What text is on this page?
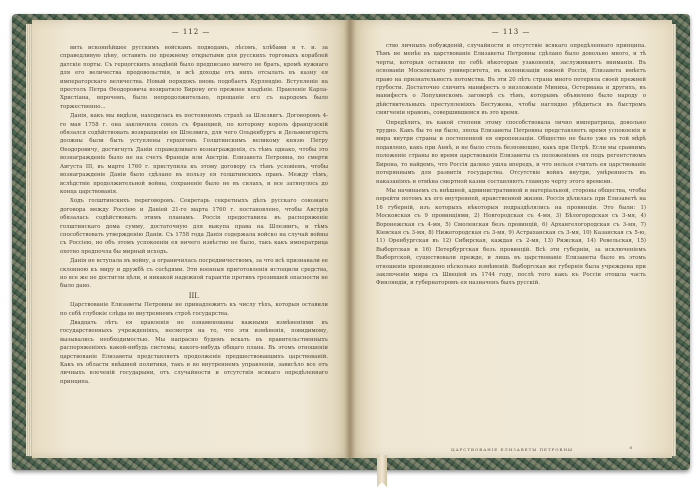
— 112 —

вить исконнѣйшее русскимъ войскамъ подводамъ, лѣсомъ, хлѣбами и т. и. за справедливую цѣну, оставить по прежнему открытыми для русскихъ торговыхъ кораблей датскіе порты. Съ герцогскихъ владѣній было предписано ничего не брать, кромѣ нужнаго для его величества продовольствія, и всѣ доходы отъ нихъ отсылать въ казну ея императорскаго величества. Новый порядокъ вновь подобаетъ Курляндію. Вступленіе на престолъ Петра Ѳеодоровича возвратило Бирону его прежнее владѣніе. Правленіе Карла-Христіана, впрочемъ, было непродолжительно, прощаніе его съ народомъ было торжественно...

Данія, какъ мы видѣли, находилась въ постоянномъ страхѣ за Шлезвигъ. Договоромъ 4-го мая 1758 г. она заключила союзъ съ Францией, по которому король французскій обязался содѣйствовать возвращенію ея Шлезвига, для чего Ольденбургъ и Дельменгорстъ должны были быть уступлены герцогомъ Голштинскимъ великому князю Петру Ѳеодоровичу, достигнуть Даніи справедливаго вознагражденія, съ тѣмъ однако, чтобы это вознагражденіе было не на счетъ Франціи или Австріи. Елизавета Петровна, по смерти Августа III, въ марте 1760 г. приступила къ этому договору съ тѣмъ условіемъ, чтобы вознагражденіе Даніи было сдѣлано въ пользу ея голштинскихъ правъ. Между тѣмъ, вслѣдствіе продолжительной войны, сохраненіе было не въ силахъ, и все затянулось до конца царствованія.

Ходъ голштинскихъ переговоровъ. Секретарь секретныхъ дѣлъ русскаго союзнаго договора между Россіею и Даніей 21-го марта 1760 г. постановлено, чтобы Австрія обязалась содѣйствовать этимъ планамъ. Россія предоставила въ распоряженіе голштинскаго дома сумму, достаточную для выкупа права на Шлезвигъ, и тѣмъ способствовать утвержденію Даніи. Съ 1758 года Данія содержала войско на случай войны съ Россіею, но объ этомъ успокоеніи ея ничего извѣстно не было, такъ какъ императрица охотно предпочла бы мирный исходъ.

Данія не вступала въ войну, а ограничилась посредничествомъ, за что всѣ признавали ее склонною къ миру и дружбѣ съ сосѣдями. Эти военныя приготовленія истощили средства, но все же не достигли цѣли, и никакой надежной гарантіи противъ грозившей опасности не было дано.

III.

Царствованіе Елизаветы Петровны не принадлежитъ къ числу тѣхъ, которыя оставили по себѣ глубокіе слѣды во внутреннемъ строѣ государства.

Двадцать лѣтъ ея правленія не ознаменованы важными измѣненіями въ государственныхъ учрежденіяхъ, несмотря на то, что эти измѣненія, повидимому, вызывались необходимостью. Мы напрасно будемъ искать въ правительственныхъ распоряженіяхъ какой-нибудь системы, какого-нибудь общаго плана. Въ этомъ отношеніи царствованіе Елизаветы представляетъ продолженіе предшествовавшихъ царствованій. Какъ въ области внѣшней политики, такъ и во внутреннемъ управленіи, зависѣло все отъ личныхъ влеченій государыни, отъ случайности и отсутствія всякаго опредѣленнаго принципа.

— 113 —

ство личныхъ побужденій, случайности и отсутствіе всякаго опредѣленнаго принципа. Тѣмъ не менѣе въ царствованіе Елизаветы Петровны сдѣлано было довольно много, и тѣ черты, которыя оставили по себѣ нѣкоторыя узаконенія, заслуживаютъ вниманія. Въ основаніи Московскаго университета, въ колонизаціи южной Россіи, Елизавета имѣетъ право на признательность потомства. Въ эти 20 лѣтъ страна много потеряла своей прежней грубости. Достаточно сличить манифестъ о низложеніи Миниха, Остермана и другихъ, въ манифестъ о Лопухинскомъ заговорѣ съ тѣмъ, которымъ объявлено было народу о дѣйствительныхъ преступленіяхъ Бестужева, чтобы наглядно убѣдиться въ быстромъ смягченіи нравовъ, совершившемся въ это время.

Опредѣлить, въ какой степени этому способствовала лично императрица, довольно трудно. Какъ бы то ни было, эпоха Елизаветы Петровны представляетъ время успокоенія и мира внутри страны и постепенной ея европеизаціи. Общество не было уже въ той мѣрѣ подавлено, какъ при Аннѣ, и не было столь безпомощно, какъ при Петрѣ. Если мы сравнимъ положеніе страны во время царствованія Елизаветы съ положеніемъ ея подъ регентствомъ Бирона, то найдемъ, что Россія далеко ушла впередъ, и что нельзя считать ея царствованіе потеряннымъ для развитія государства. Отсутствіе войнъ внутри, умѣренность въ наказаніяхъ и отмѣна смертной казни составляютъ главную черту этого времени.

Мы начинаемъ съ внѣшней, административной и матеріальной, стороны общества, чтобы перейти потомъ къ его внутренней, нравственной жизни. Россія дѣлилась при Елизаветѣ на 16 губерній, изъ которыхъ нѣкоторыя подраздѣлялись на провинціи. Это были: 1) Московская съ 9 провинціями, 2) Новгородская съ 4-мя, 3) Бѣлогородская съ 3-мя, 4) Воронежская съ 4-мя, 5) Смоленская безъ провинцій, 6) Архангелогородская съ 3-мя, 7) Кіевская съ 3-мя, 8) Нижегородская съ 3-мя, 9) Астраханская съ 3-мя, 10) Казанская съ 5-ю, 11) Оренбургская въ 12) Сибирская, каждая съ 2-мя, 13) Рижская, 14) Ревельская, 15) Выборгская и 16) Петербургская безъ провинцій. Всѣ эти губерніи, за исключеніемъ Выборгской, существовали прежде, и лишь въ царствованіе Елизаветы было въ этомъ отношеніи произведено нѣсколько измѣненій. Выборгская же губернія была учреждена при заключеніи мира съ Швеціей въ 1744 году, послѣ того какъ къ Россіи отошла часть Финляндіи, и губернаторомъ ея назначенъ былъ русскій.

ЦАРСТВОВАНІЕ ЕЛИЗАВЕТЫ ПЕТРОВНЫ	8
